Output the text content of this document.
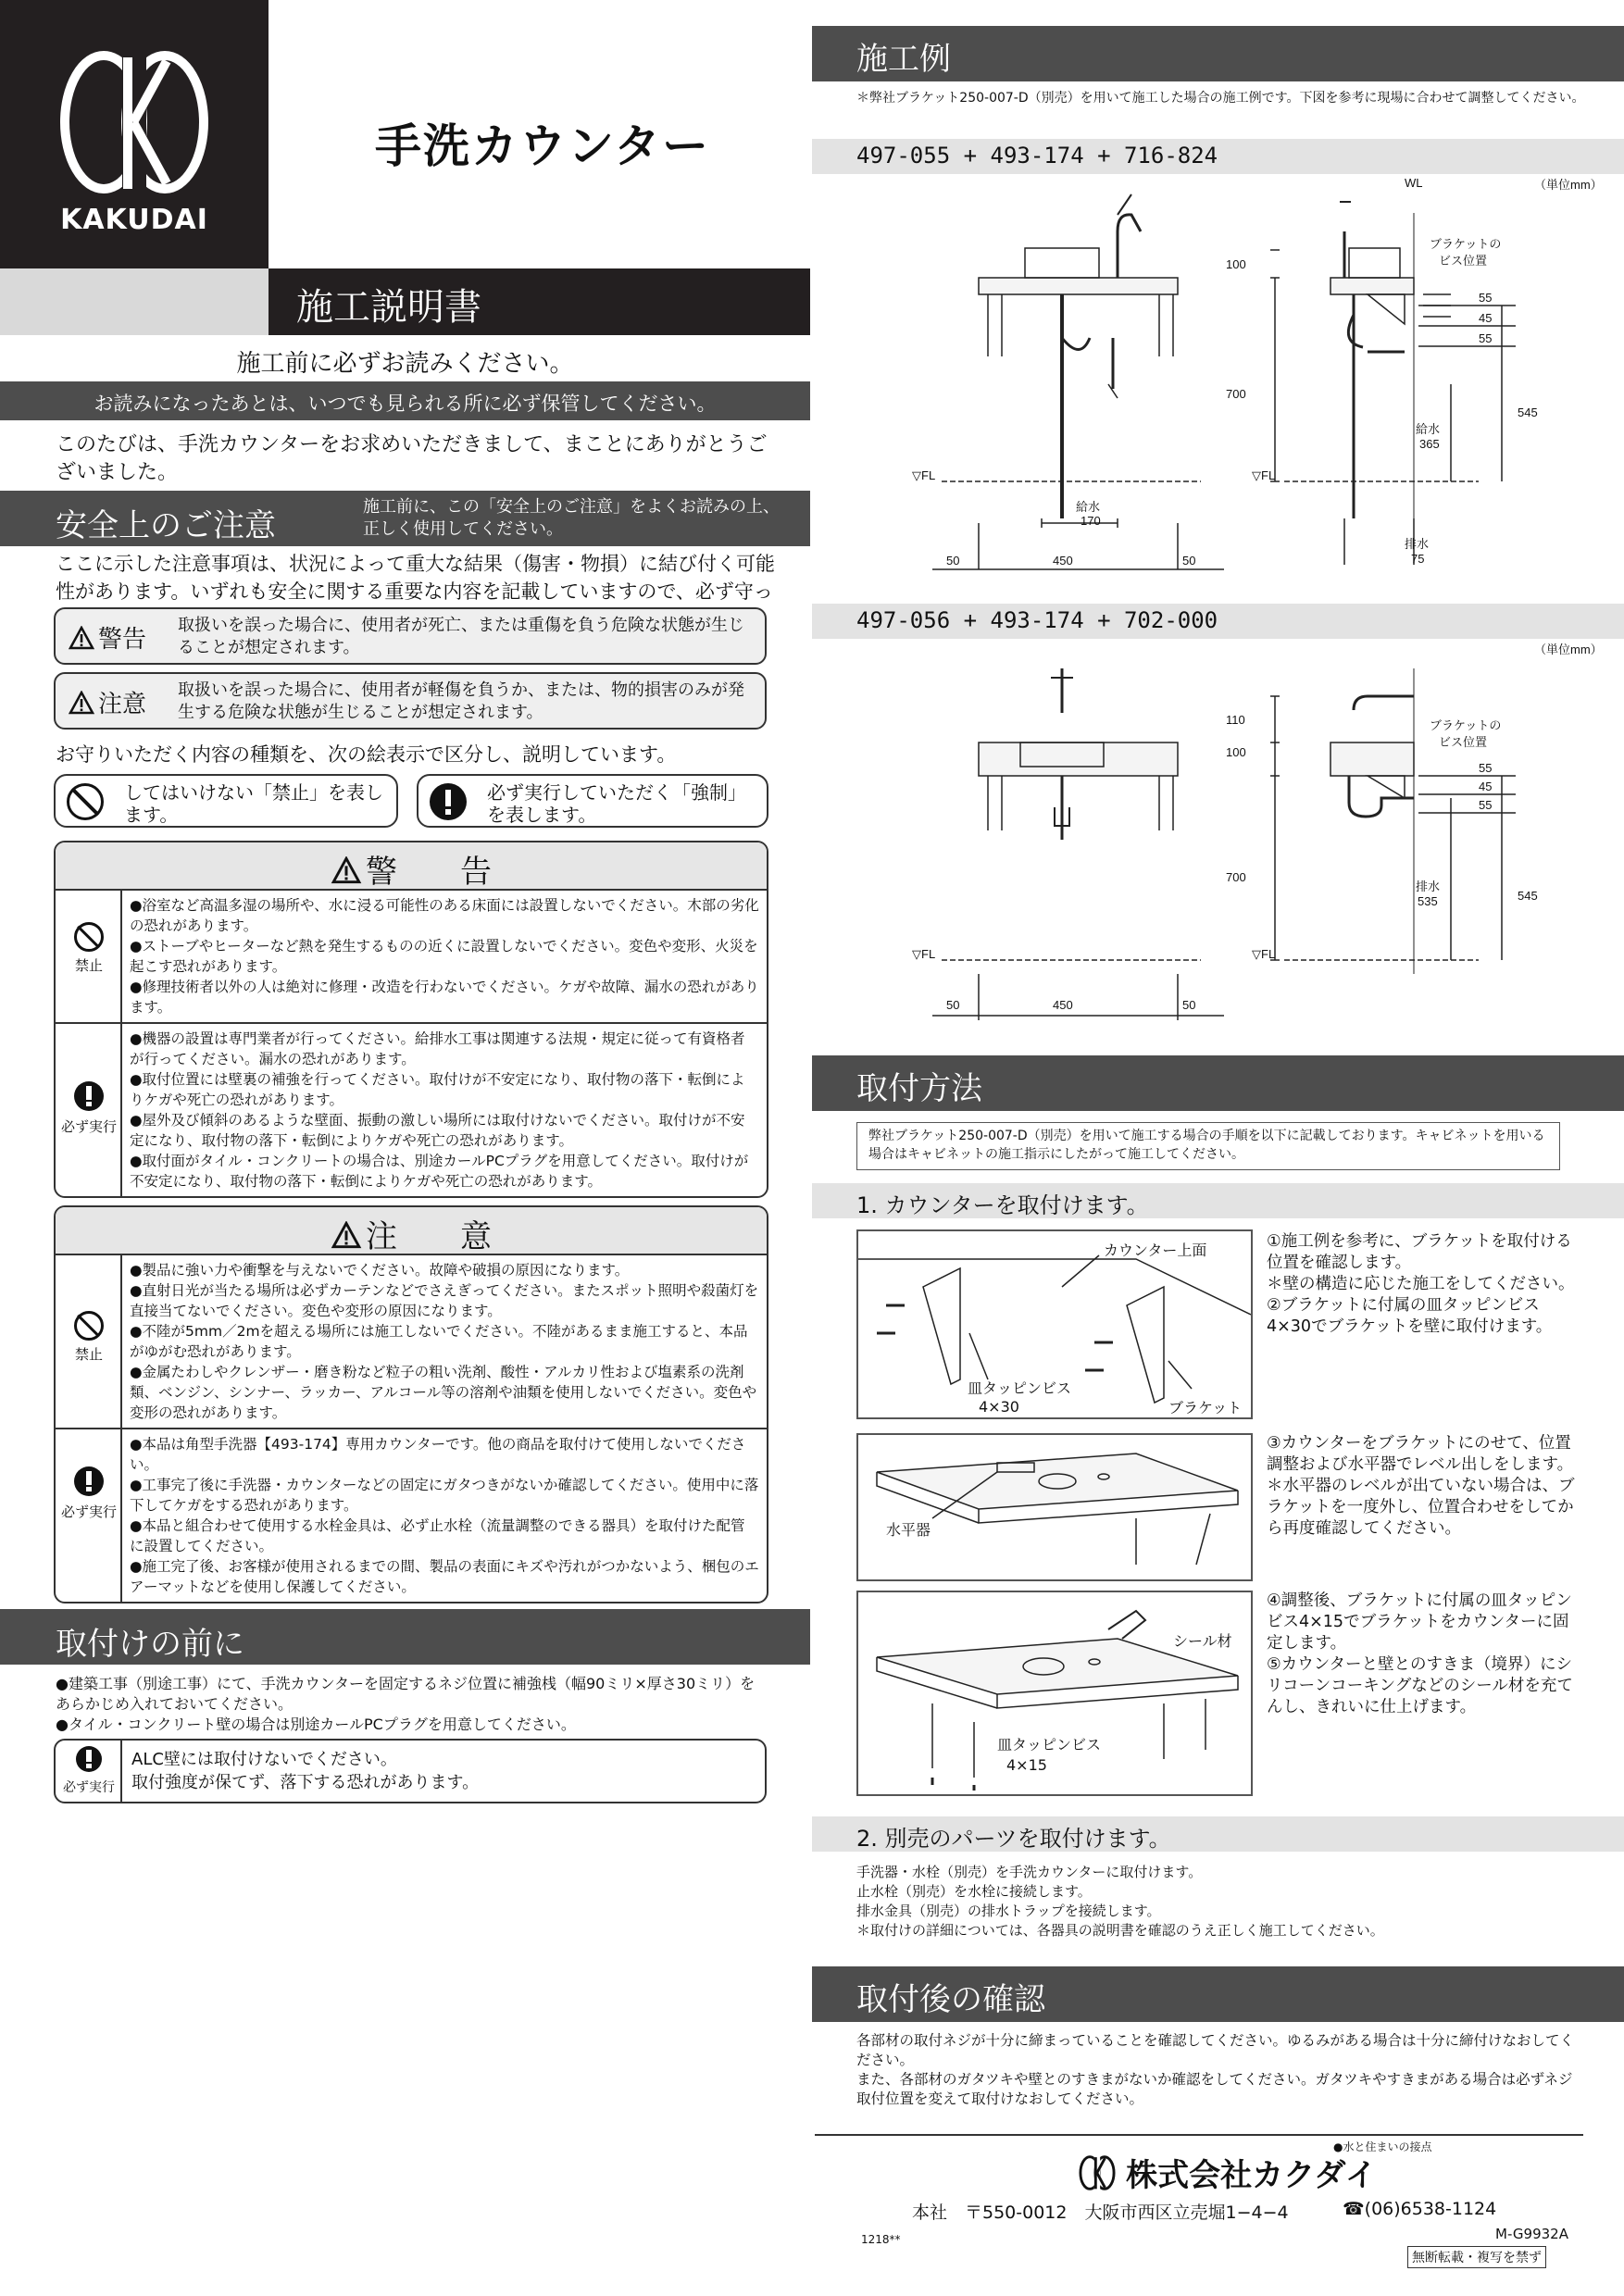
KAKUDAI
手洗カウンター
施工説明書
施工前に必ずお読みください。
お読みになったあとは、いつでも見られる所に必ず保管してください。
このたびは、手洗カウンターをお求めいただきまして、まことにありがとうございました。
安全上のご注意
施工前に、この「安全上のご注意」をよくお読みの上、正しく使用してください。
ここに示した注意事項は、状況によって重大な結果（傷害・物損）に結び付く可能性があります。いずれも安全に関する重要な内容を記載していますので、必ず守っ
警告
取扱いを誤った場合に、使用者が死亡、または重傷を負う危険な状態が生じることが想定されます。
注意
取扱いを誤った場合に、使用者が軽傷を負うか、または、物的損害のみが発生する危険な状態が生じることが想定されます。
お守りいただく内容の種類を、次の絵表示で区分し、説明しています。
してはいけない「禁止」を表します。
必ず実行していただく「強制」を表します。
警　　告
禁止
●浴室など高温多湿の場所や、水に浸る可能性のある床面には設置しないでください。木部の劣化の恐れがあります。
●ストーブやヒーターなど熱を発生するものの近くに設置しないでください。変色や変形、火災を起こす恐れがあります。
●修理技術者以外の人は絶対に修理・改造を行わないでください。ケガや故障、漏水の恐れがあります。
必ず実行
●機器の設置は専門業者が行ってください。給排水工事は関連する法規・規定に従って有資格者が行ってください。漏水の恐れがあります。
●取付位置には壁裏の補強を行ってください。取付けが不安定になり、取付物の落下・転倒によりケガや死亡の恐れがあります。
●屋外及び傾斜のあるような壁面、振動の激しい場所には取付けないでください。取付けが不安定になり、取付物の落下・転倒によりケガや死亡の恐れがあります。
●取付面がタイル・コンクリートの場合は、別途カールPCプラグを用意してください。取付けが不安定になり、取付物の落下・転倒によりケガや死亡の恐れがあります。
注　　意
禁止
●製品に強い力や衝撃を与えないでください。故障や破損の原因になります。
●直射日光が当たる場所は必ずカーテンなどでさえぎってください。またスポット照明や殺菌灯を直接当てないでください。変色や変形の原因になります。
●不陸が5mm／2mを超える場所には施工しないでください。不陸があるまま施工すると、本品がゆがむ恐れがあります。
●金属たわしやクレンザー・磨き粉など粒子の粗い洗剤、酸性・アルカリ性および塩素系の洗剤類、ベンジン、シンナー、ラッカー、アルコール等の溶剤や油類を使用しないでください。変色や変形の恐れがあります。
必ず実行
●本品は角型手洗器【493-174】専用カウンターです。他の商品を取付けて使用しないでください。
●工事完了後に手洗器・カウンターなどの固定にガタつきがないか確認してください。使用中に落下してケガをする恐れがあります。
●本品と組合わせて使用する水栓金具は、必ず止水栓（流量調整のできる器具）を取付けた配管に設置してください。
●施工完了後、お客様が使用されるまでの間、製品の表面にキズや汚れがつかないよう、梱包のエアーマットなどを使用し保護してください。
取付けの前に
●建築工事（別途工事）にて、手洗カウンターを固定するネジ位置に補強桟（幅90ミリ×厚さ30ミリ）をあらかじめ入れておいてください。
●タイル・コンクリート壁の場合は別途カールPCプラグを用意してください。
必ず実行
ALC壁には取付けないでください。
取付強度が保てず、落下する恐れがあります。
施工例
＊弊社ブラケット250-007-D（別売）を用いて施工した場合の施工例です。下図を参考に現場に合わせて調整してください。
497-055 + 493-174 + 716-824
（単位mm）
WL
▽FL	▽FL
100
700
50	450	50
給水
170
ブラケットの
ビス位置
55
45
55
545
給水
365
排水
75
497-056 + 493-174 + 702-000
（単位mm）
▽FL	▽FL
110
100
700
50	450	50
ブラケットの
ビス位置
55
45
55
545
排水
535
取付方法
弊社ブラケット250-007-D（別売）を用いて施工する場合の手順を以下に記載しております。キャビネットを用いる場合はキャビネットの施工指示にしたがって施工してください。
1. カウンターを取付けます。
カウンター上面
皿タッピンビス
4×30	ブラケット
①施工例を参考に、ブラケットを取付ける位置を確認します。
＊壁の構造に応じた施工をしてください。
②ブラケットに付属の皿タッピンビス4×30でブラケットを壁に取付けます。
水平器
③カウンターをブラケットにのせて、位置調整および水平器でレベル出しをします。
＊水平器のレベルが出ていない場合は、ブラケットを一度外し、位置合わせをしてから再度確認してください。
シール材
皿タッピンビス
4×15
④調整後、ブラケットに付属の皿タッピンビス4×15でブラケットをカウンターに固定します。
⑤カウンターと壁とのすきま（境界）にシリコーンコーキングなどのシール材を充てんし、きれいに仕上げます。
2. 別売のパーツを取付けます。
手洗器・水栓（別売）を手洗カウンターに取付けます。
止水栓（別売）を水栓に接続します。
排水金具（別売）の排水トラップを接続します。
＊取付けの詳細については、各器具の説明書を確認のうえ正しく施工してください。
取付後の確認
各部材の取付ネジが十分に締まっていることを確認してください。ゆるみがある場合は十分に締付けなおしてください。
また、各部材のガタツキや壁とのすきまがないか確認をしてください。ガタツキやすきまがある場合は必ずネジ取付位置を変えて取付けなおしてください。
●水と住まいの接点
株式会社カクダイ
本社　〒550-0012　大阪市西区立売堀1−4−4	☎(06)6538-1124
M-G9932A
1218**
無断転載・複写を禁ず
